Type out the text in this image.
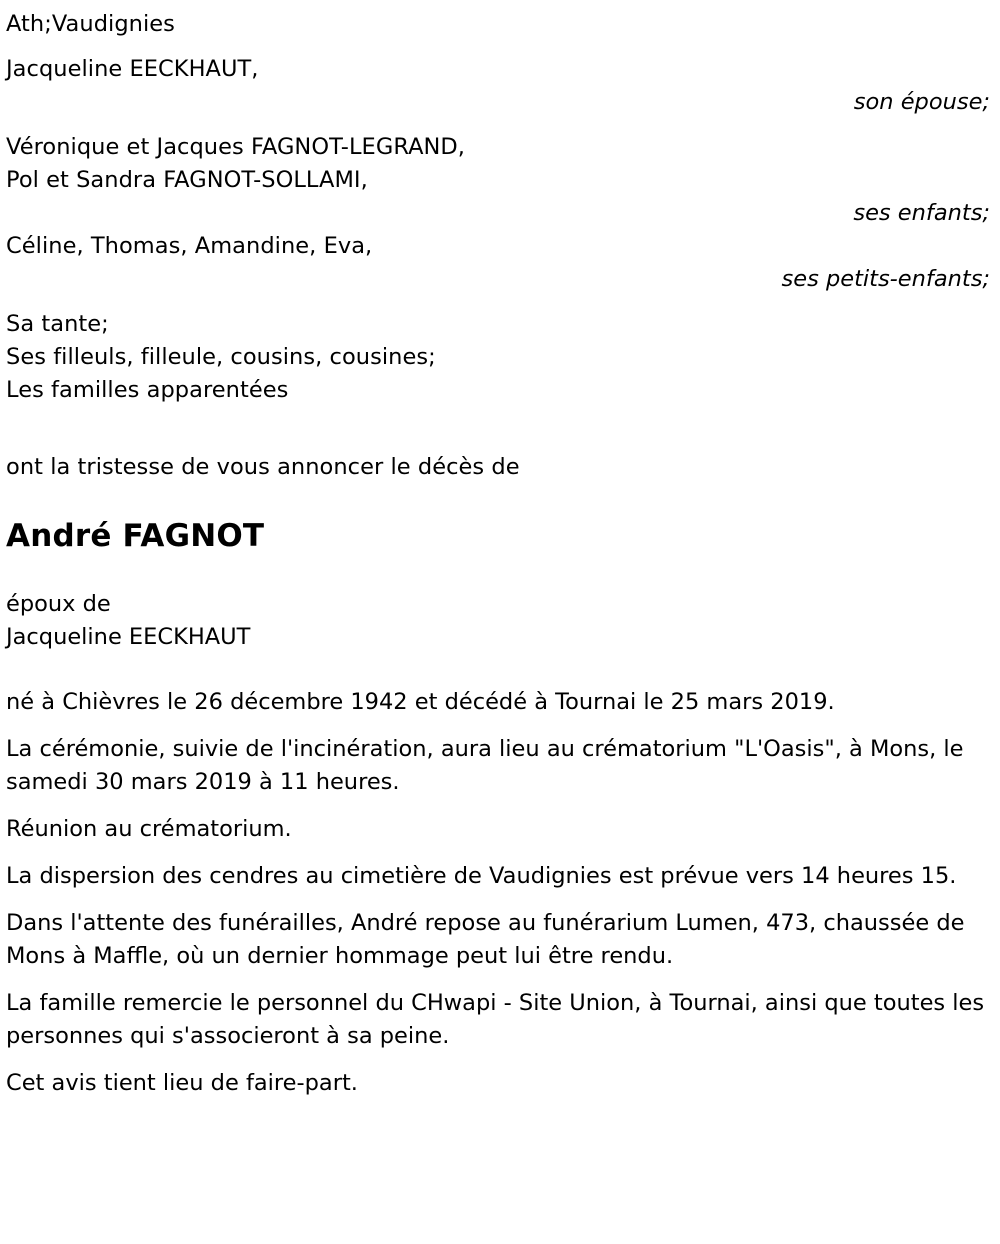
Ath;Vaudignies
Jacqueline EECKHAUT,
son épouse;
Véronique et Jacques FAGNOT-LEGRAND,
Pol et Sandra FAGNOT-SOLLAMI,
ses enfants;
Céline, Thomas, Amandine, Eva,
ses petits-enfants;
Sa tante;
Ses filleuls, filleule, cousins, cousines;
Les familles apparentées
ont la tristesse de vous annoncer le décès de
André FAGNOT
époux de
Jacqueline EECKHAUT

né à Chièvres le 26 décembre 1942 et décédé à Tournai le 25 mars 2019.

La cérémonie, suivie de l'incinération, aura lieu au crématorium "L'Oasis", à Mons, le samedi 30 mars 2019 à 11 heures.

Réunion au crématorium.

La dispersion des cendres au cimetière de Vaudignies est prévue vers 14 heures 15.

Dans l'attente des funérailles, André repose au funérarium Lumen, 473, chaussée de Mons à Maffle, où un dernier hommage peut lui être rendu.

La famille remercie le personnel du CHwapi - Site Union, à Tournai, ainsi que toutes les personnes qui s'associeront à sa peine.

Cet avis tient lieu de faire-part.
